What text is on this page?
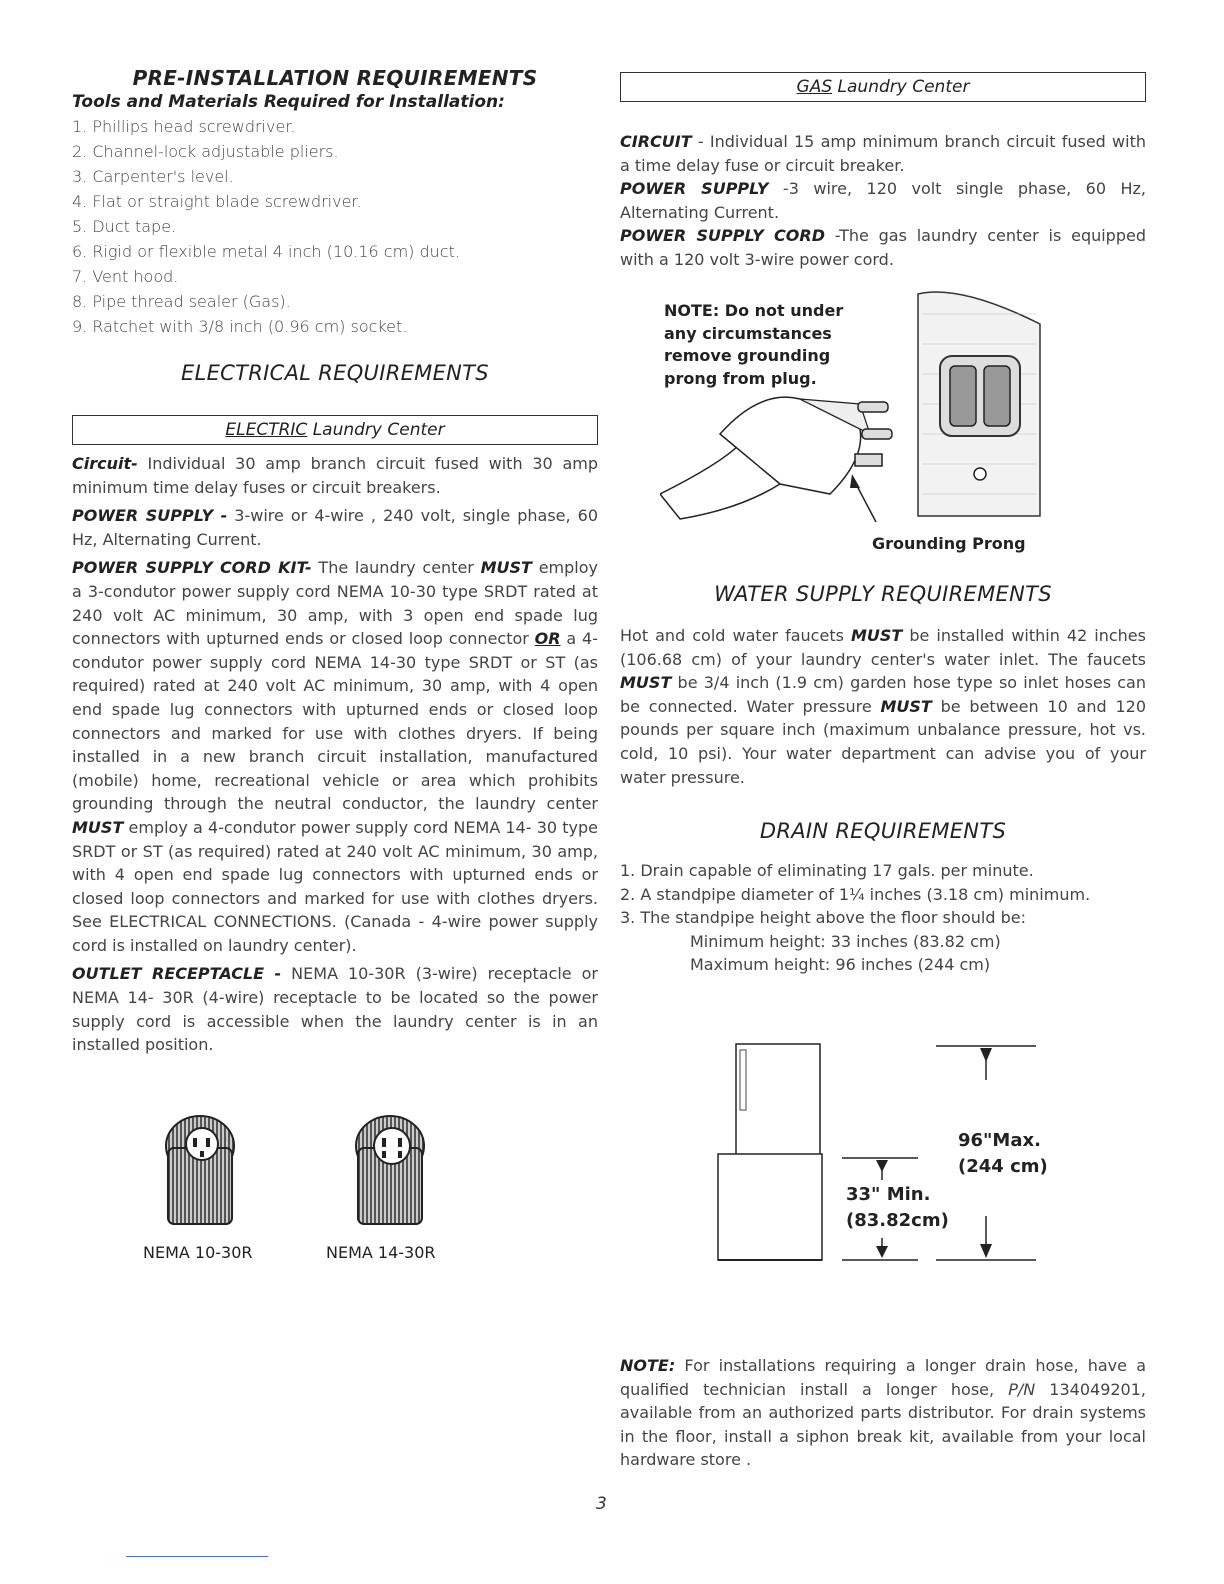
PRE-INSTALLATION REQUIREMENTS
Tools and Materials Required for Installation:
1. Phillips head screwdriver.
2. Channel-lock adjustable pliers.
3. Carpenter's level.
4. Flat or straight blade screwdriver.
5. Duct tape.
6. Rigid or flexible metal 4 inch (10.16 cm) duct.
7. Vent hood.
8. Pipe thread sealer (Gas).
9. Ratchet with 3/8 inch (0.96 cm) socket.
ELECTRICAL REQUIREMENTS
ELECTRIC Laundry Center

Circuit- Individual 30 amp branch circuit fused with 30 amp minimum time delay fuses or circuit breakers.

POWER SUPPLY - 3-wire or 4-wire , 240 volt, single phase, 60 Hz, Alternating Current.

POWER SUPPLY CORD KIT- The laundry center MUST employ a 3-condutor power supply cord NEMA 10-30 type SRDT rated at 240 volt AC minimum, 30 amp, with 3 open end spade lug connectors with upturned ends or closed loop connector OR a 4-condutor power supply cord NEMA 14-30 type SRDT or ST (as required) rated at 240 volt AC minimum, 30 amp, with 4 open end spade lug connectors with upturned ends or closed loop connectors and marked for use with clothes dryers. If being installed in a new branch circuit installation, manufactured (mobile) home, recreational vehicle or area which prohibits grounding through the neutral conductor, the laundry center MUST employ a 4-condutor power supply cord NEMA 14- 30 type SRDT or ST (as required) rated at 240 volt AC minimum, 30 amp, with 4 open end spade lug connectors with upturned ends or closed loop connectors and marked for use with clothes dryers. See ELECTRICAL CONNECTIONS. (Canada - 4-wire power supply cord is installed on laundry center).

OUTLET RECEPTACLE - NEMA 10-30R (3-wire) receptacle or NEMA 14- 30R (4-wire) receptacle to be located so the power supply cord is accessible when the laundry center is in an installed position.

NEMA 10-30R	NEMA 14-30R
GAS Laundry Center

CIRCUIT - Individual 15 amp minimum branch circuit fused with a time delay fuse or circuit breaker.

POWER SUPPLY -3 wire, 120 volt single phase, 60 Hz, Alternating Current.

POWER SUPPLY CORD -The gas laundry center is equipped with a 120 volt 3-wire power cord.

NOTE: Do not under
any circumstances
remove grounding
prong from plug.
Grounding Prong
WATER SUPPLY REQUIREMENTS

Hot and cold water faucets MUST be installed within 42 inches (106.68 cm) of your laundry center's water inlet. The faucets MUST be 3/4 inch (1.9 cm) garden hose type so inlet hoses can be connected. Water pressure MUST be between 10 and 120 pounds per square inch (maximum unbalance pressure, hot vs. cold, 10 psi). Your water department can advise you of your water pressure.

DRAIN REQUIREMENTS
1. Drain capable of eliminating 17 gals. per minute.
2. A standpipe diameter of 1¼ inches (3.18 cm) minimum.
3. The standpipe height above the floor should be:
Minimum height: 33 inches (83.82 cm)
Maximum height: 96 inches (244 cm)
96"Max.
(244 cm)
33" Min.
(83.82cm)

NOTE: For installations requiring a longer drain hose, have a qualified technician install a longer hose, P/N 134049201, available from an authorized parts distributor. For drain systems in the floor, install a siphon break kit, available from your local hardware store .

3
